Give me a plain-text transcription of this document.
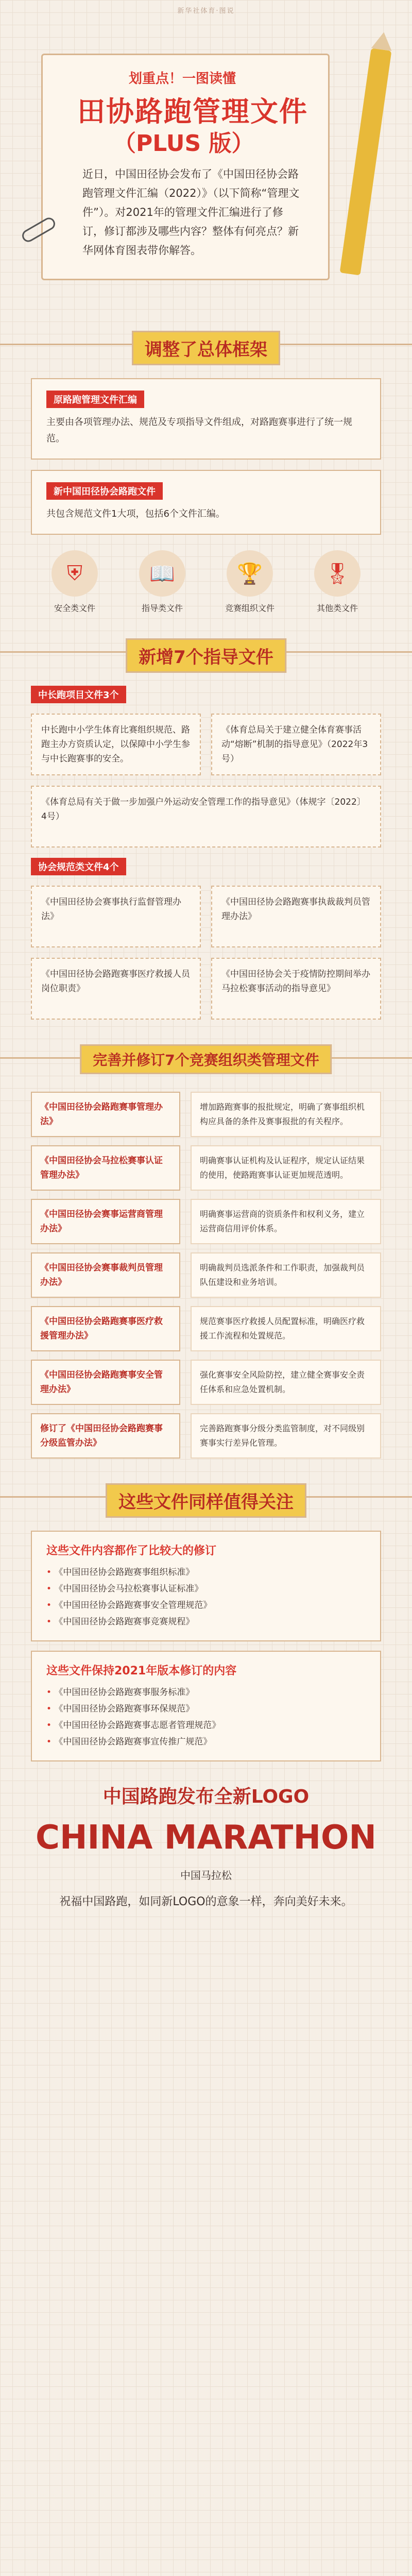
新华社体育·图说
划重点！一图读懂
田协路跑管理文件
（PLUS 版）
近日，中国田径协会发布了《中国田径协会路跑管理文件汇编（2022）》（以下简称“管理文件”）。对2021年的管理文件汇编进行了修订，修订都涉及哪些内容？整体有何亮点？新华网体育图表带你解答。
调整了总体框架
原路跑管理文件汇编

主要由各项管理办法、规范及专项指导文件组成，对路跑赛事进行了统一规范。

新中国田径协会路跑文件

共包含规范文件1大项，包括6个文件汇编。

⛨
安全类文件
📖
指导类文件
🏆
竞赛组织文件
🎖
其他类文件
新增7个指导文件
中长跑项目文件3个
中长跑中小学生体育比赛组织规范、路跑主办方资质认定，以保障中小学生参与中长跑赛事的安全。
《体育总局关于建立健全体育赛事活动“熔断”机制的指导意见》（2022年3号）
《体育总局有关于做一步加强户外运动安全管理工作的指导意见》（体规字〔2022〕4号）
协会规范类文件4个
《中国田径协会赛事执行监督管理办法》
《中国田径协会路跑赛事执裁裁判员管理办法》
《中国田径协会路跑赛事医疗救援人员岗位职责》
《中国田径协会关于疫情防控期间举办马拉松赛事活动的指导意见》
完善并修订7个竞赛组织类管理文件
《中国田径协会路跑赛事管理办法》
增加路跑赛事的报批规定，明确了赛事组织机构应具备的条件及赛事报批的有关程序。
《中国田径协会马拉松赛事认证管理办法》
明确赛事认证机构及认证程序，规定认证结果的使用，使路跑赛事认证更加规范透明。
《中国田径协会赛事运营商管理办法》
明确赛事运营商的资质条件和权利义务，建立运营商信用评价体系。
《中国田径协会赛事裁判员管理办法》
明确裁判员选派条件和工作职责，加强裁判员队伍建设和业务培训。
《中国田径协会路跑赛事医疗救援管理办法》
规范赛事医疗救援人员配置标准，明确医疗救援工作流程和处置规范。
《中国田径协会路跑赛事安全管理办法》
强化赛事安全风险防控，建立健全赛事安全责任体系和应急处置机制。
修订了《中国田径协会路跑赛事分级监管办法》
完善路跑赛事分级分类监管制度，对不同级别赛事实行差异化管理。
这些文件同样值得关注
这些文件内容都作了比较大的修订
• 《中国田径协会路跑赛事组织标准》
• 《中国田径协会马拉松赛事认证标准》
• 《中国田径协会路跑赛事安全管理规范》
• 《中国田径协会路跑赛事竞赛规程》
这些文件保持2021年版本修订的内容
• 《中国田径协会路跑赛事服务标准》
• 《中国田径协会路跑赛事环保规范》
• 《中国田径协会路跑赛事志愿者管理规范》
• 《中国田径协会路跑赛事宣传推广规范》
中国路跑发布全新LOGO
CHINA MARATHON
中国马拉松
祝福中国路跑，如同新LOGO的意象一样，奔向美好未来。
